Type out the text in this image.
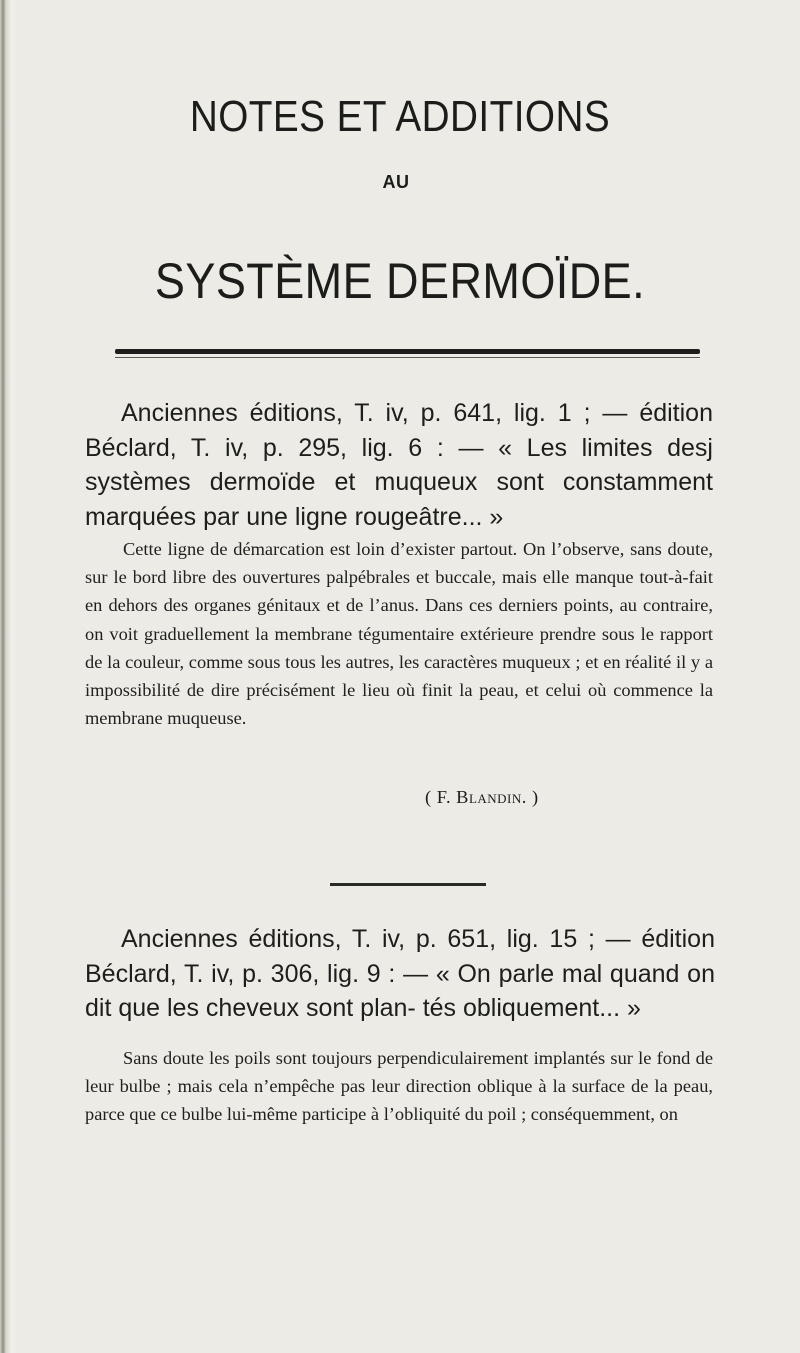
NOTES ET ADDITIONS
AU
SYSTÈME DERMOÏDE.

Anciennes éditions, T. iv, p. 641, lig. 1 ; — édition Béclard, T. iv, p. 295, lig. 6 : — « Les limites desj systèmes dermoïde et muqueux sont constamment marquées par une ligne rougeâtre... »

Cette ligne de démarcation est loin d’exister partout. On l’observe, sans doute, sur le bord libre des ouvertures palpébrales et buccale, mais elle manque tout-à-fait en dehors des organes génitaux et de l’anus. Dans ces derniers points, au contraire, on voit graduellement la membrane tégumentaire extérieure prendre sous le rapport de la couleur, comme sous tous les autres, les caractères muqueux ; et en réalité il y a impossibilité de dire précisément le lieu où finit la peau, et celui où commence la membrane muqueuse.

( F. Blandin. )

Anciennes éditions, T. iv, p. 651, lig. 15 ; — édition Béclard, T. iv, p. 306, lig. 9 : — « On parle mal quand on dit que les cheveux sont plan- tés obliquement... »

Sans doute les poils sont toujours perpendiculairement implantés sur le fond de leur bulbe ; mais cela n’empêche pas leur direction oblique à la surface de la peau, parce que ce bulbe lui-même participe à l’obliquité du poil ; conséquemment, on
